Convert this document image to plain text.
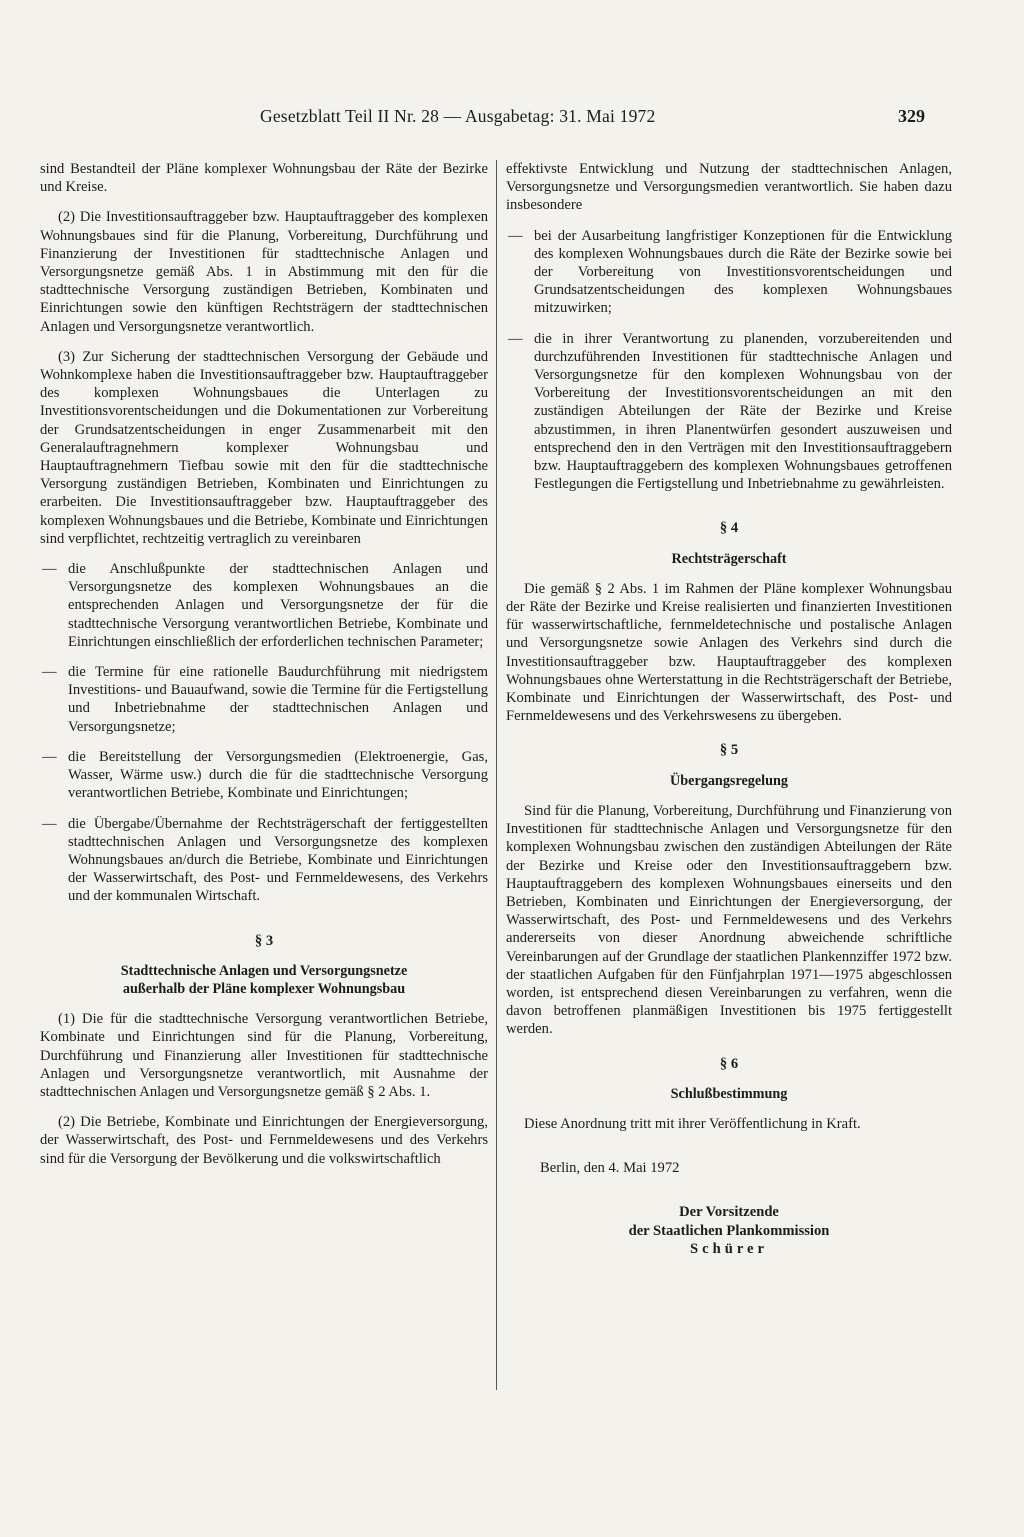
Gesetzblatt Teil II Nr. 28 — Ausgabetag: 31. Mai 1972	329

sind Bestandteil der Pläne komplexer Wohnungsbau der Räte der Bezirke und Kreise.

(2) Die Investitionsauftraggeber bzw. Hauptauftraggeber des komplexen Wohnungsbaues sind für die Planung, Vorbereitung, Durchführung und Finanzierung der Investitionen für stadttechnische Anlagen und Versorgungsnetze gemäß Abs. 1 in Abstimmung mit den für die stadttechnische Versorgung zuständigen Betrieben, Kombinaten und Einrichtungen sowie den künftigen Rechtsträgern der stadttechnischen Anlagen und Versorgungsnetze verantwortlich.

(3) Zur Sicherung der stadttechnischen Versorgung der Gebäude und Wohnkomplexe haben die Investitionsauftraggeber bzw. Hauptauftraggeber des komplexen Wohnungsbaues die Unterlagen zu Investitionsvorentscheidungen und die Dokumentationen zur Vorbereitung der Grundsatzentscheidungen in enger Zusammenarbeit mit den Generalauftragnehmern komplexer Wohnungsbau und Hauptauftragnehmern Tiefbau sowie mit den für die stadttechnische Versorgung zuständigen Betrieben, Kombinaten und Einrichtungen zu erarbeiten. Die Investitionsauftraggeber bzw. Hauptauftraggeber des komplexen Wohnungsbaues und die Betriebe, Kombinate und Einrichtungen sind verpflichtet, rechtzeitig vertraglich zu vereinbaren

— die Anschlußpunkte der stadttechnischen Anlagen und Versorgungsnetze des komplexen Wohnungsbaues an die entsprechenden Anlagen und Versorgungsnetze der für die stadttechnische Versorgung verantwortlichen Betriebe, Kombinate und Einrichtungen einschließlich der erforderlichen technischen Parameter;
— die Termine für eine rationelle Baudurchführung mit niedrigstem Investitions- und Bauaufwand, sowie die Termine für die Fertigstellung und Inbetriebnahme der stadttechnischen Anlagen und Versorgungsnetze;
— die Bereitstellung der Versorgungsmedien (Elektroenergie, Gas, Wasser, Wärme usw.) durch die für die stadttechnische Versorgung verantwortlichen Betriebe, Kombinate und Einrichtungen;
— die Übergabe/Übernahme der Rechtsträgerschaft der fertiggestellten stadttechnischen Anlagen und Versorgungsnetze des komplexen Wohnungsbaues an/durch die Betriebe, Kombinate und Einrichtungen der Wasserwirtschaft, des Post- und Fernmeldewesens, des Verkehrs und der kommunalen Wirtschaft.
§ 3
Stadttechnische Anlagen und Versorgungsnetze
außerhalb der Pläne komplexer Wohnungsbau

(1) Die für die stadttechnische Versorgung verantwortlichen Betriebe, Kombinate und Einrichtungen sind für die Planung, Vorbereitung, Durchführung und Finanzierung aller Investitionen für stadttechnische Anlagen und Versorgungsnetze verantwortlich, mit Ausnahme der stadttechnischen Anlagen und Versorgungsnetze gemäß § 2 Abs. 1.

(2) Die Betriebe, Kombinate und Einrichtungen der Energieversorgung, der Wasserwirtschaft, des Post- und Fernmeldewesens und des Verkehrs sind für die Versorgung der Bevölkerung und die volkswirtschaftlich

effektivste Entwicklung und Nutzung der stadttechnischen Anlagen, Versorgungsnetze und Versorgungsmedien verantwortlich. Sie haben dazu insbesondere

— bei der Ausarbeitung langfristiger Konzeptionen für die Entwicklung des komplexen Wohnungsbaues durch die Räte der Bezirke sowie bei der Vorbereitung von Investitionsvorentscheidungen und Grundsatzentscheidungen des komplexen Wohnungsbaues mitzuwirken;
— die in ihrer Verantwortung zu planenden, vorzubereitenden und durchzuführenden Investitionen für stadttechnische Anlagen und Versorgungsnetze für den komplexen Wohnungsbau von der Vorbereitung der Investitionsvorentscheidungen an mit den zuständigen Abteilungen der Räte der Bezirke und Kreise abzustimmen, in ihren Planentwürfen gesondert auszuweisen und entsprechend den in den Verträgen mit den Investitionsauftraggebern bzw. Hauptauftraggebern des komplexen Wohnungsbaues getroffenen Festlegungen die Fertigstellung und Inbetriebnahme zu gewährleisten.
§ 4
Rechtsträgerschaft

Die gemäß § 2 Abs. 1 im Rahmen der Pläne komplexer Wohnungsbau der Räte der Bezirke und Kreise realisierten und finanzierten Investitionen für wasserwirtschaftliche, fernmeldetechnische und postalische Anlagen und Versorgungsnetze sowie Anlagen des Verkehrs sind durch die Investitionsauftraggeber bzw. Hauptauftraggeber des komplexen Wohnungsbaues ohne Werterstattung in die Rechtsträgerschaft der Betriebe, Kombinate und Einrichtungen der Wasserwirtschaft, des Post- und Fernmeldewesens und des Verkehrswesens zu übergeben.

§ 5
Übergangsregelung

Sind für die Planung, Vorbereitung, Durchführung und Finanzierung von Investitionen für stadttechnische Anlagen und Versorgungsnetze für den komplexen Wohnungsbau zwischen den zuständigen Abteilungen der Räte der Bezirke und Kreise oder den Investitionsauftraggebern bzw. Hauptauftraggebern des komplexen Wohnungsbaues einerseits und den Betrieben, Kombinaten und Einrichtungen der Energieversorgung, der Wasserwirtschaft, des Post- und Fernmeldewesens und des Verkehrs andererseits von dieser Anordnung abweichende schriftliche Vereinbarungen auf der Grundlage der staatlichen Plankennziffer 1972 bzw. der staatlichen Aufgaben für den Fünfjahrplan 1971—1975 abgeschlossen worden, ist entsprechend diesen Vereinbarungen zu verfahren, wenn die davon betroffenen planmäßigen Investitionen bis 1975 fertiggestellt werden.

§ 6
Schlußbestimmung

Diese Anordnung tritt mit ihrer Veröffentlichung in Kraft.

Berlin, den 4. Mai 1972

Der Vorsitzende
der Staatlichen Plankommission
Schürer
